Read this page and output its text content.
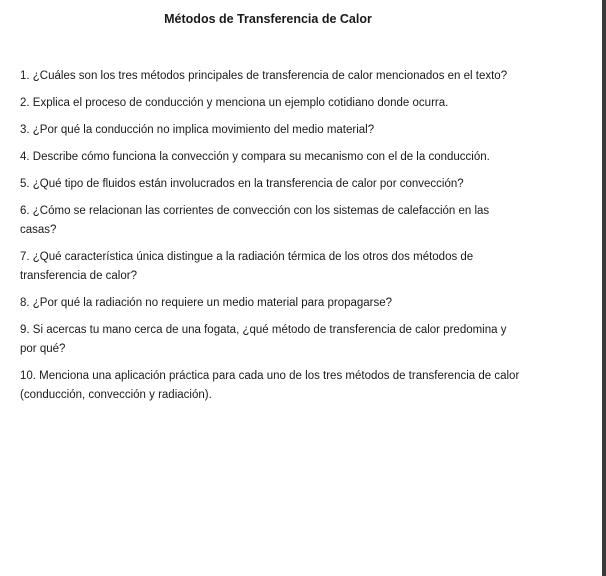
Métodos de Transferencia de Calor
1. ¿Cuáles son los tres métodos principales de transferencia de calor mencionados en el texto?
2. Explica el proceso de conducción y menciona un ejemplo cotidiano donde ocurra.
3. ¿Por qué la conducción no implica movimiento del medio material?
4. Describe cómo funciona la convección y compara su mecanismo con el de la conducción.
5. ¿Qué tipo de fluidos están involucrados en la transferencia de calor por convección?
6. ¿Cómo se relacionan las corrientes de convección con los sistemas de calefacción en las casas?
7. ¿Qué característica única distingue a la radiación térmica de los otros dos métodos de transferencia de calor?
8. ¿Por qué la radiación no requiere un medio material para propagarse?
9. Si acercas tu mano cerca de una fogata, ¿qué método de transferencia de calor predomina y por qué?
10. Menciona una aplicación práctica para cada uno de los tres métodos de transferencia de calor (conducción, convección y radiación).
